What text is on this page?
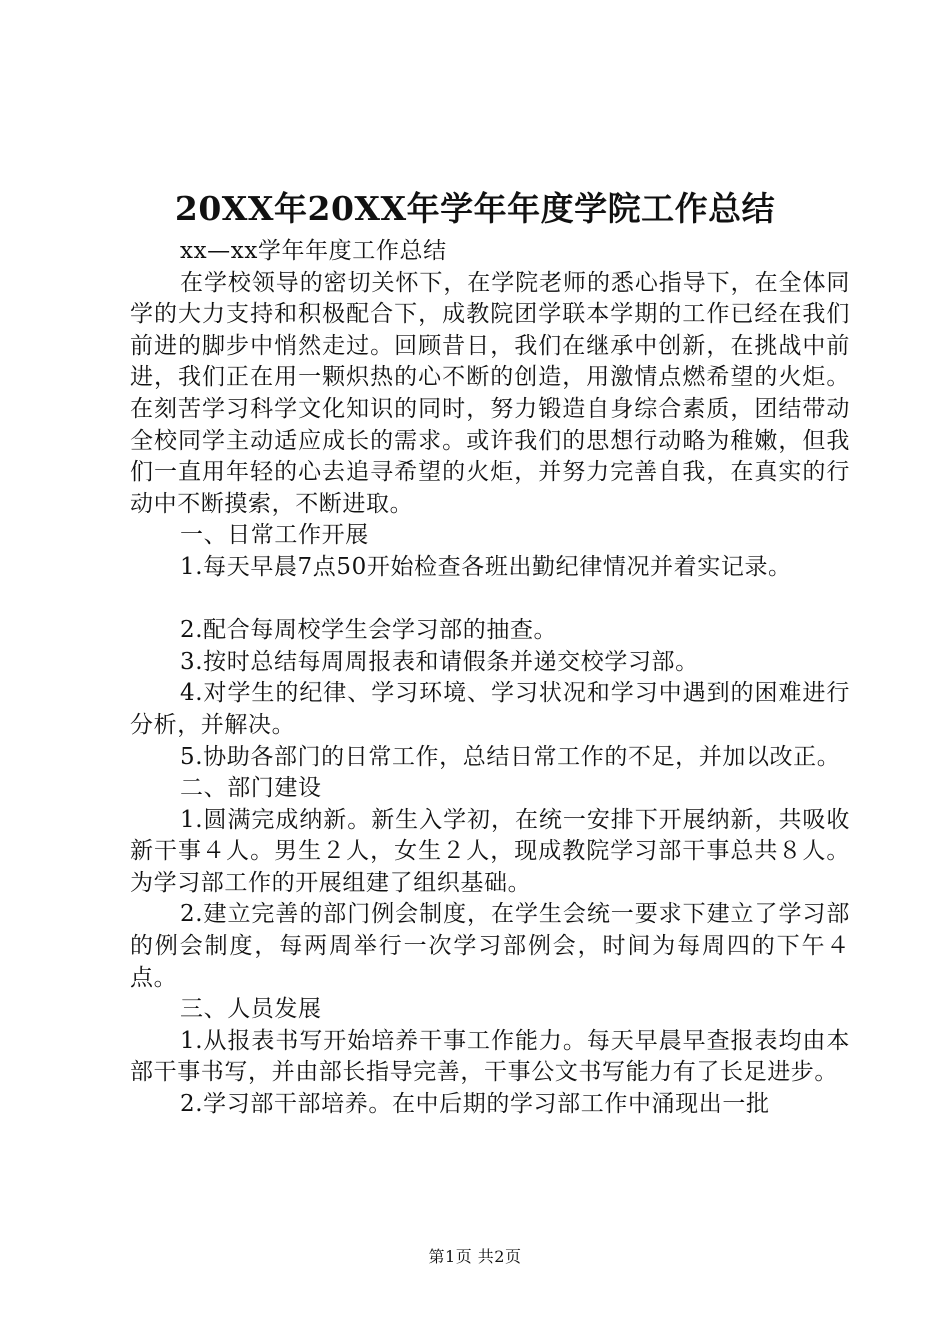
20XX年20XX年学年年度学院工作总结

xx—xx学年年度工作总结

在学校领导的密切关怀下，在学院老师的悉心指导下，在全体同学的大力支持和积极配合下，成教院团学联本学期的工作已经在我们前进的脚步中悄然走过。回顾昔日，我们在继承中创新，在挑战中前进，我们正在用一颗炽热的心不断的创造，用激情点燃希望的火炬。在刻苦学习科学文化知识的同时，努力锻造自身综合素质，团结带动全校同学主动适应成长的需求。或许我们的思想行动略为稚嫩，但我们一直用年轻的心去追寻希望的火炬，并努力完善自我，在真实的行动中不断摸索，不断进取。

一、日常工作开展

1.每天早晨7点50开始检查各班出勤纪律情况并着实记录。

2.配合每周校学生会学习部的抽查。

3.按时总结每周周报表和请假条并递交校学习部。

4.对学生的纪律、学习环境、学习状况和学习中遇到的困难进行分析，并解决。

5.协助各部门的日常工作，总结日常工作的不足，并加以改正。

二、部门建设

1.圆满完成纳新。新生入学初，在统一安排下开展纳新，共吸收新干事４人。男生２人，女生２人，现成教院学习部干事总共８人。为学习部工作的开展组建了组织基础。

2.建立完善的部门例会制度，在学生会统一要求下建立了学习部的例会制度，每两周举行一次学习部例会，时间为每周四的下午４点。

三、人员发展

1.从报表书写开始培养干事工作能力。每天早晨早查报表均由本部干事书写，并由部长指导完善，干事公文书写能力有了长足进步。

2.学习部干部培养。在中后期的学习部工作中涌现出一批

第1页 共2页
